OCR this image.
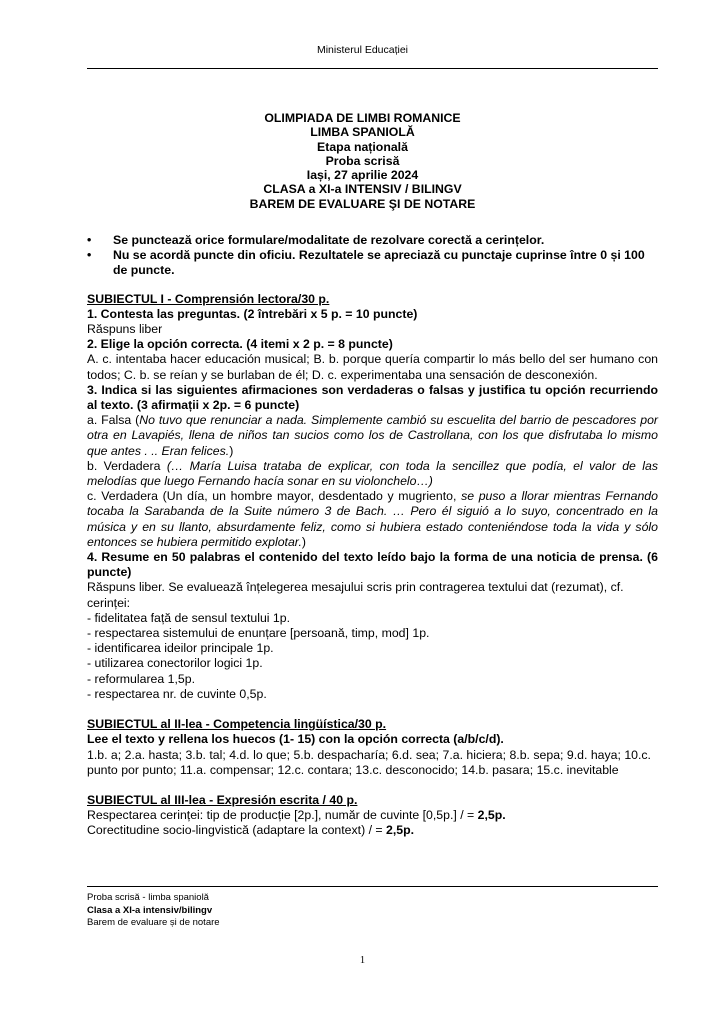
Ministerul Educației
OLIMPIADA DE LIMBI ROMANICE
LIMBA SPANIOLĂ
Etapa națională
Proba scrisă
Iași, 27 aprilie 2024
CLASA a XI-a INTENSIV / BILINGV
BAREM DE EVALUARE ŞI DE NOTARE
• Se punctează orice formulare/modalitate de rezolvare corectă a cerințelor.
• Nu se acordă puncte din oficiu. Rezultatele se apreciază cu punctaje cuprinse între 0 și 100 de puncte.
SUBIECTUL I - Comprensión lectora/30 p.
1. Contesta las preguntas. (2 întrebări x 5 p. = 10 puncte)
Răspuns liber
2. Elige la opción correcta. (4 itemi x 2 p. = 8 puncte)
A. c. intentaba hacer educación musical; B. b. porque quería compartir lo más bello del ser humano con todos; C. b. se reían y se burlaban de él; D. c. experimentaba una sensación de desconexión.
3. Indica si las siguientes afirmaciones son verdaderas o falsas y justifica tu opción recurriendo al texto. (3 afirmații x 2p. = 6 puncte)
a. Falsa (No tuvo que renunciar a nada. Simplemente cambió su escuelita del barrio de pescadores por otra en Lavapiés, llena de niños tan sucios como los de Castrollana, con los que disfrutaba lo mismo que antes . .. Eran felices.)
b. Verdadera (… María Luisa trataba de explicar, con toda la sencillez que podía, el valor de las melodías que luego Fernando hacía sonar en su violonchelo…)
c. Verdadera (Un día, un hombre mayor, desdentado y mugriento, se puso a llorar mientras Fernando tocaba la Sarabanda de la Suite número 3 de Bach. … Pero él siguió a lo suyo, concentrado en la música y en su llanto, absurdamente feliz, como si hubiera estado conteniéndose toda la vida y sólo entonces se hubiera permitido explotar.)
4. Resume en 50 palabras el contenido del texto leído bajo la forma de una noticia de prensa. (6 puncte)
Răspuns liber. Se evaluează înțelegerea mesajului scris prin contragerea textului dat (rezumat), cf. cerinței:
- fidelitatea față de sensul textului 1p.
- respectarea sistemului de enunțare [persoană, timp, mod] 1p.
- identificarea ideilor principale 1p.
- utilizarea conectorilor logici 1p.
- reformularea 1,5p.
- respectarea nr. de cuvinte 0,5p.
SUBIECTUL al II-lea - Competencia lingüística/30 p.
Lee el texto y rellena los huecos (1- 15) con la opción correcta (a/b/c/d).
1.b. a; 2.a. hasta; 3.b. tal; 4.d. lo que; 5.b. despacharía; 6.d. sea; 7.a. hiciera; 8.b. sepa; 9.d. haya; 10.c. punto por punto; 11.a. compensar; 12.c. contara; 13.c. desconocido; 14.b. pasara; 15.c. inevitable
SUBIECTUL al III-lea - Expresión escrita / 40 p.
Respectarea cerinței: tip de producție [2p.], număr de cuvinte [0,5p.] / = 2,5p.
Corectitudine socio-lingvistică (adaptare la context) / = 2,5p.
Proba scrisă - limba spaniolă
Clasa a XI-a intensiv/bilingv
Barem de evaluare și de notare
1
